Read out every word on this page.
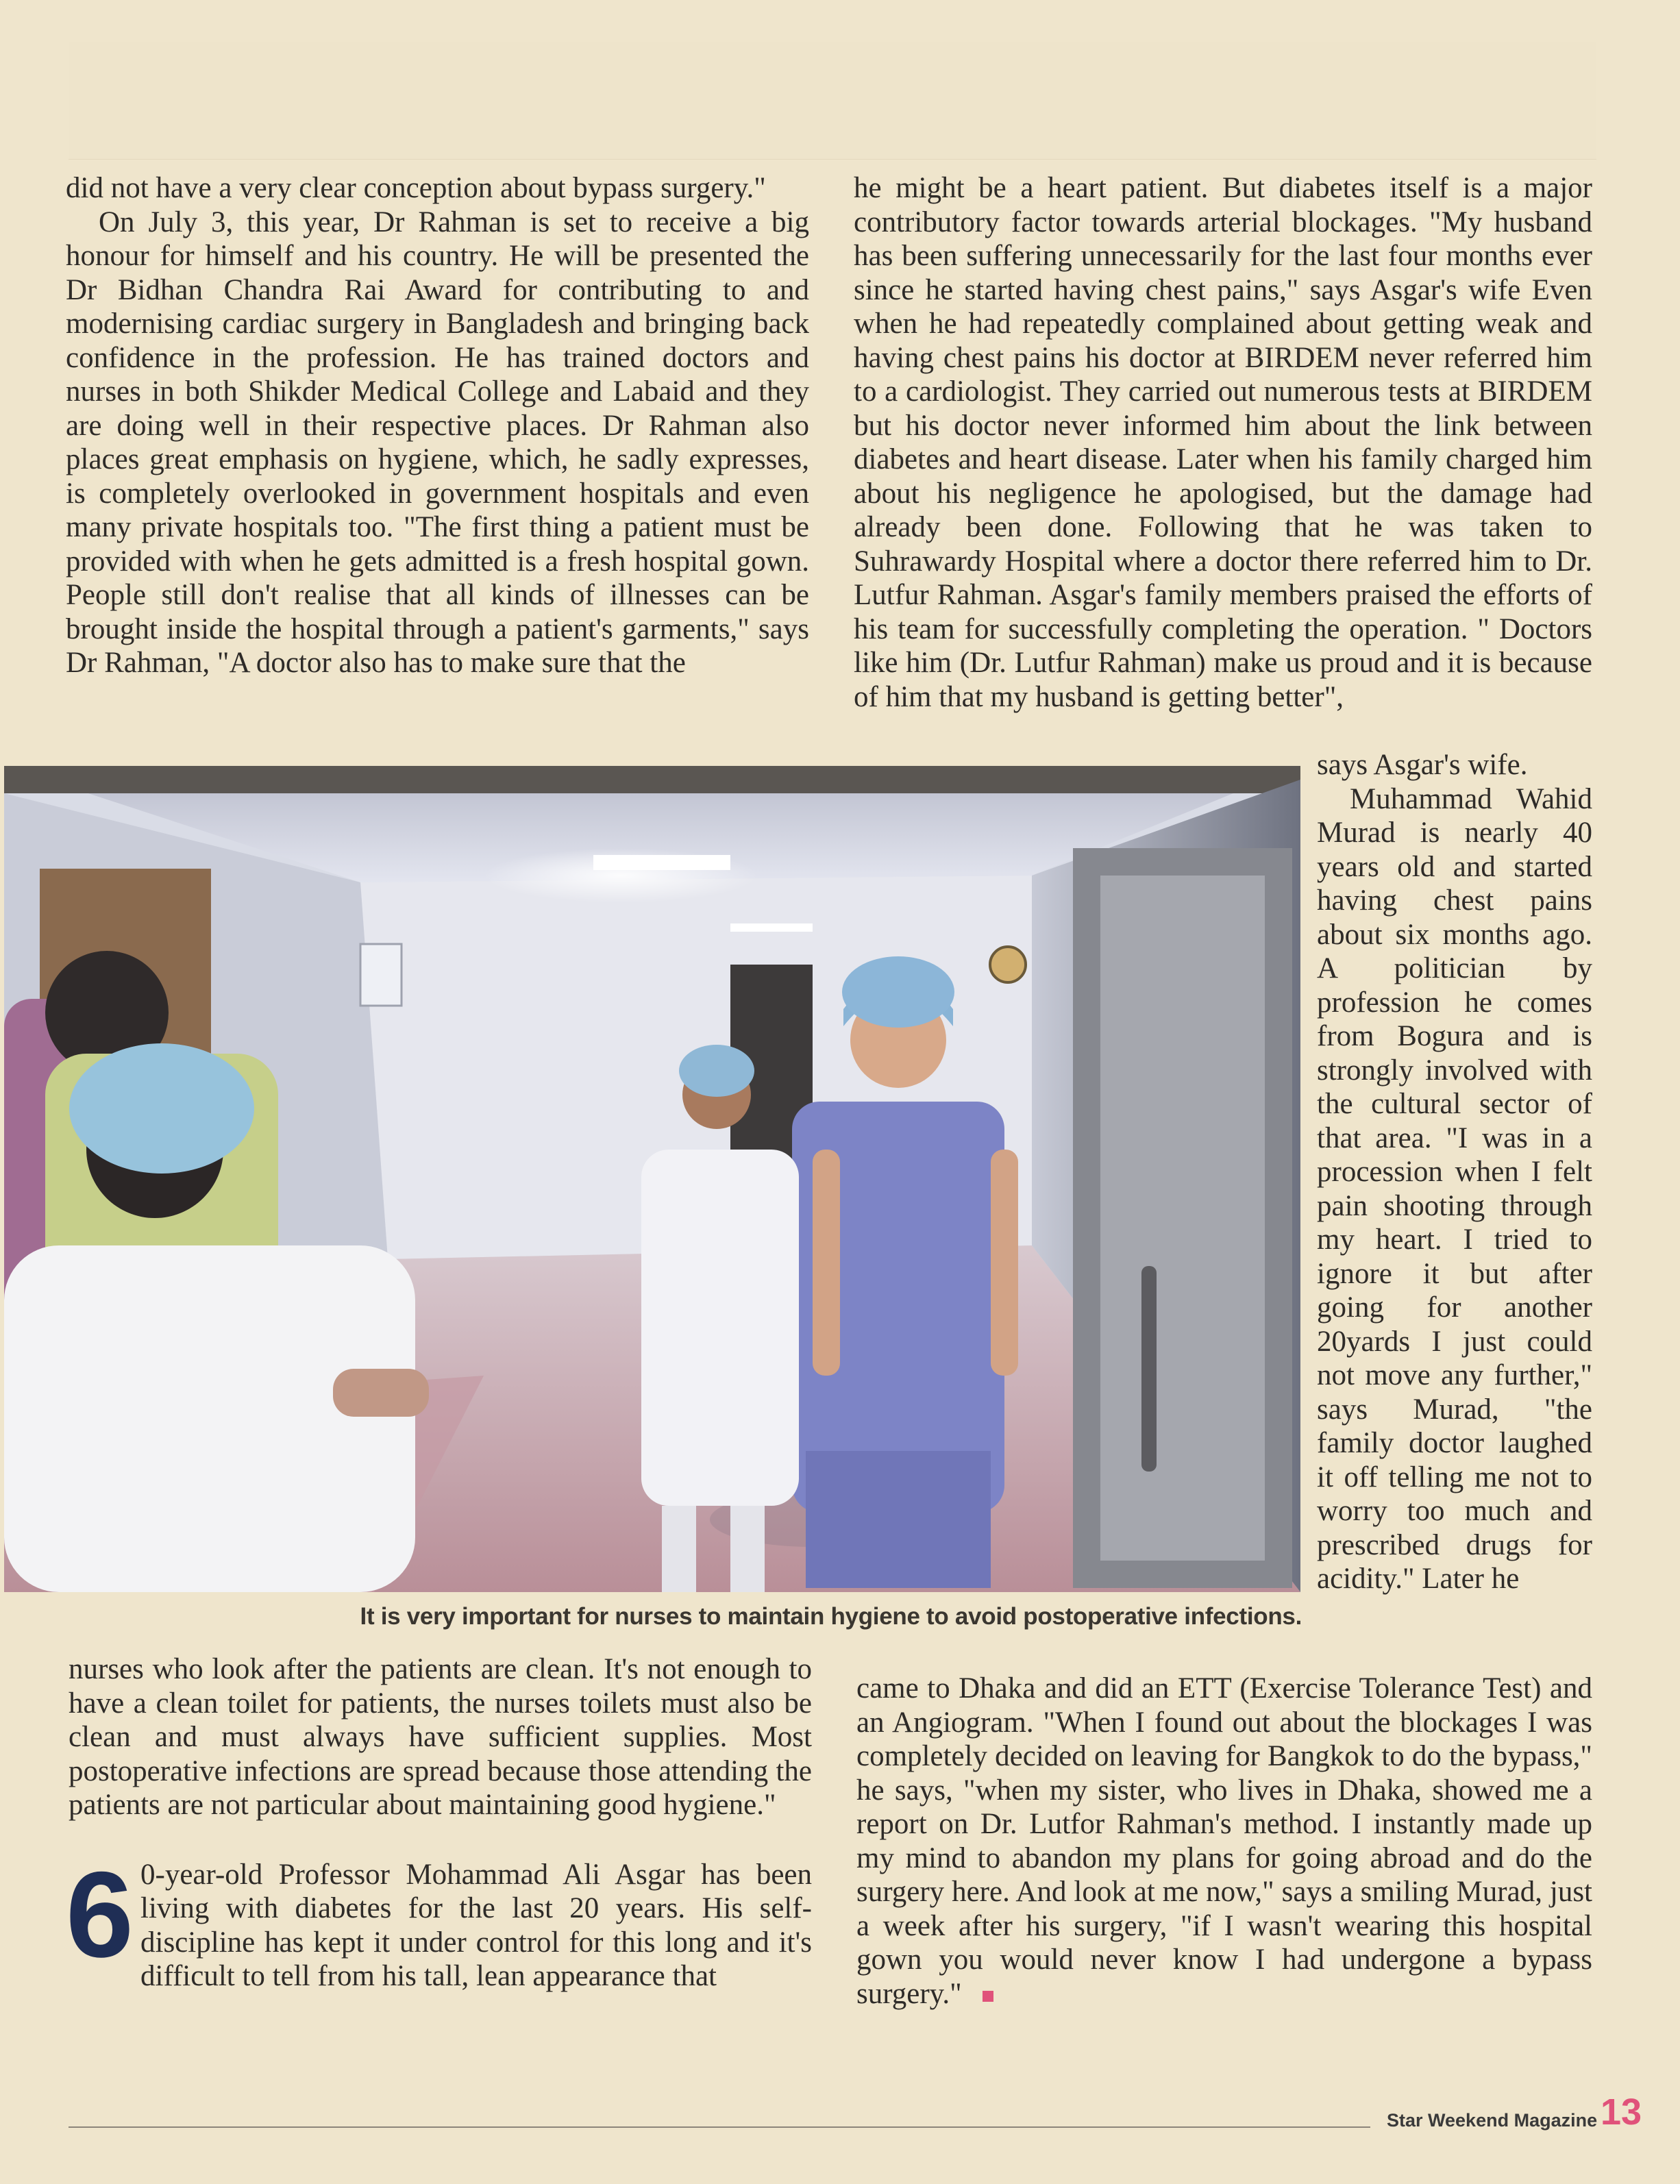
did not have a very clear conception about bypass surgery."

On July 3, this year, Dr Rahman is set to receive a big honour for himself and his country. He will be presented the Dr Bidhan Chandra Rai Award for contributing to and modernising cardiac surgery in Bangladesh and bringing back confidence in the profession. He has trained doctors and nurses in both Shikder Medical College and Labaid and they are doing well in their respective places. Dr Rahman also places great emphasis on hygiene, which, he sadly expresses, is completely overlooked in government hospitals and even many private hospitals too. "The first thing a patient must be provided with when he gets admitted is a fresh hospital gown. People still don't realise that all kinds of illnesses can be brought inside the hospital through a patient's garments," says Dr Rahman, "A doctor also has to make sure that the

he might be a heart patient. But diabetes itself is a major contributory factor towards arterial blockages. "My husband has been suffering unnecessarily for the last four months ever since he started having chest pains," says Asgar's wife Even when he had repeatedly complained about getting weak and having chest pains his doctor at BIRDEM never referred him to a cardiologist. They carried out numerous tests at BIRDEM but his doctor never informed him about the link between diabetes and heart disease. Later when his family charged him about his negligence he apologised, but the damage had already been done. Following that he was taken to Suhrawardy Hospital where a doctor there referred him to Dr. Lutfur Rahman. Asgar's family members praised the efforts of his team for successfully completing the operation. " Doctors like him (Dr. Lutfur Rahman) make us proud and it is because of him that my husband is getting better",

It is very important for nurses to maintain hygiene to avoid postoperative infections.

says Asgar's wife.

Muhammad Wahid Murad is nearly 40 years old and started having chest pains about six months ago. A politician by profession he comes from Bogura and is strongly involved with the cultural sector of that area. "I was in a procession when I felt pain shooting through my heart. I tried to ignore it but after going for another 20yards I just could not move any further," says Murad, "the family doctor laughed it off telling me not to worry too much and prescribed drugs for acidity." Later he

nurses who look after the patients are clean. It's not enough to have a clean toilet for patients, the nurses toilets must also be clean and must always have sufficient supplies. Most postoperative infections are spread because those attending the patients are not particular about maintaining good hygiene."

6 0-year-old Professor Mohammad Ali Asgar has been living with diabetes for the last 20 years. His self-discipline has kept it under control for this long and it's difficult to tell from his tall, lean appearance that

came to Dhaka and did an ETT (Exercise Tolerance Test) and an Angiogram. "When I found out about the blockages I was completely decided on leaving for Bangkok to do the bypass," he says, "when my sister, who lives in Dhaka, showed me a report on Dr. Lutfor Rahman's method. I instantly made up my mind to abandon my plans for going abroad and do the surgery here. And look at me now," says a smiling Murad, just a week after his surgery, "if I wasn't wearing this hospital gown you would never know I had undergone a bypass surgery."

Star Weekend Magazine 13
